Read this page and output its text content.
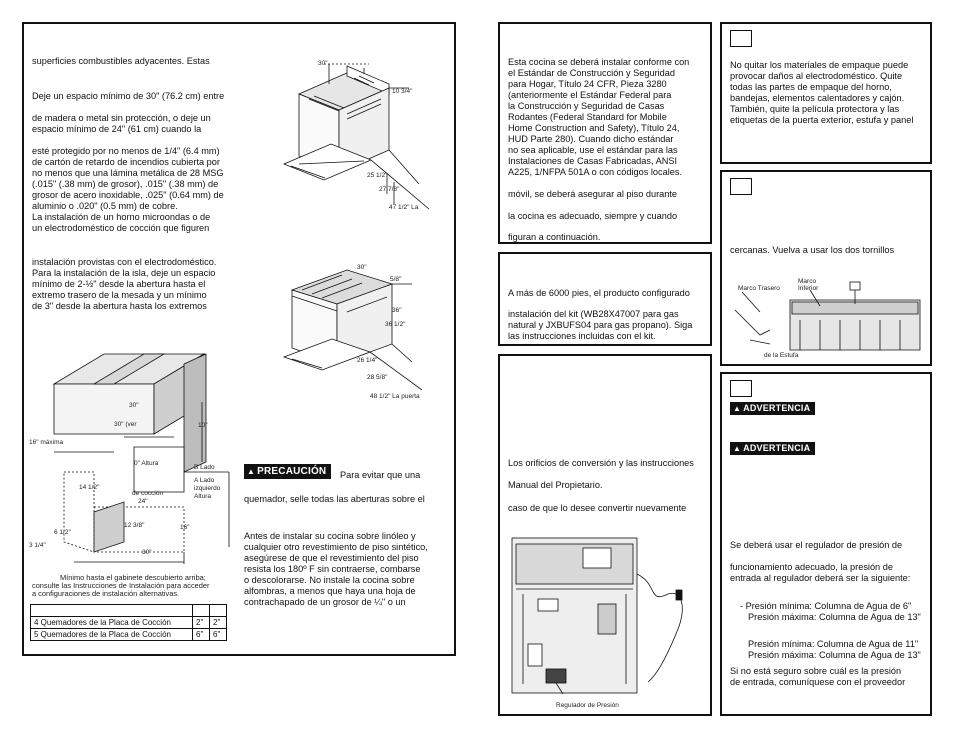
superficies combustibles adyacentes. Estas
Deje un espacio mínimo de 30" (76.2 cm) entre
de madera o metal sin protección, o deje un
espacio mínimo de 24" (61 cm) cuando la
esté protegido por no menos de 1/4" (6.4 mm)
de cartón de retardo de incendios cubierta por
no menos que una lámina metálica de 28 MSG
(.015" (.38 mm) de grosor), .015" (.38 mm) de
grosor de acero inoxidable, .025" (0.64 mm) de
aluminio o .020" (0.5 mm) de cobre.
La instalación de un horno microondas o de
un electrodoméstico de cocción que figuren
instalación provistas con el electrodoméstico.
Para la instalación de la isla, deje un espacio
mínimo de 2-½" desde la abertura hasta el
extremo trasero de la mesada y un mínimo
de 3" desde la abertura hasta los extremos
30"
10 3/4"
25 1/2"
27 7/8"
47 1/2" La
30"
5/8"
36"
36 1/2"
26 1/4"
28 5/8"
48 1/2" La puerta
30"
30" (ver
16" máxima
10"
0" Altura
B Lado
A Lado
izquierdo
Altura
14 1/2"
de cocción
24"
6 1/2"
12 3/8"	16"
3 1/4"
30"
Mínimo hasta el gabinete descubierto arriba;
consulte las Instrucciones de Instalación para acceder
a configuraciones de instalación alternativas.

4 Quemadores de la Placa de Cocción	2"	2"
5 Quemadores de la Placa de Cocción	6"	6"
▲ PRECAUCIÓN	Para evitar que una
quemador, selle todas las aberturas sobre el
Antes de instalar su cocina sobre linóleo y
cualquier otro revestimiento de piso sintético,
asegúrese de que el revestimiento del piso
resista los 180º F sin contraerse, combarse
o descolorarse. No instale la cocina sobre
alfombras, a menos que haya una hoja de
contrachapado de un grosor de ¼" o un
Esta cocina se deberá instalar conforme con
el Estándar de Construcción y Seguridad
para Hogar, Título 24 CFR, Pieza 3280
(anteriormente el Estándar Federal para
la Construcción y Seguridad de Casas
Rodantes (Federal Standard for Mobile
Home Construction and Safety), Título 24,
HUD Parte 280). Cuando dicho estándar
no sea aplicable, use el estándar para las
Instalaciones de Casas Fabricadas, ANSI
A225, 1/NFPA 501A o con códigos locales.
móvil, se deberá asegurar al piso durante
la cocina es adecuado, siempre y cuando
figuran a continuación.
A más de 6000 pies, el producto configurado
instalación del kit (WB28X47007 para gas
natural y JXBUFS04 para gas propano). Siga
las instrucciones incluidas con el kit.
Los orificios de conversión y las instrucciones
Manual del Propietario.
caso de que lo desee convertir nuevamente
Regulador de Presión
No quitar los materiales de empaque puede
provocar daños al electrodoméstico. Quite
todas las partes de empaque del horno,
bandejas, elementos calentadores y cajón.
También, quite la película protectora y las
etiquetas de la puerta exterior, estufa y panel
cercanas. Vuelva a usar los dos tornillos
Marco Trasero
Marco
Inferior
de la Estufa
▲ ADVERTENCIA
▲ ADVERTENCIA
Se deberá usar el regulador de presión de
funcionamiento adecuado, la presión de
entrada al regulador deberá ser la siguiente:
- Presión mínima: Columna de Agua de 6"
Presión máxima: Columna de Agua de 13"
Presión mínima: Columna de Agua de 11"
Presión máxima: Columna de Agua de 13"
Si no está seguro sobre cuál es la presión
de entrada, comuníquese con el proveedor
